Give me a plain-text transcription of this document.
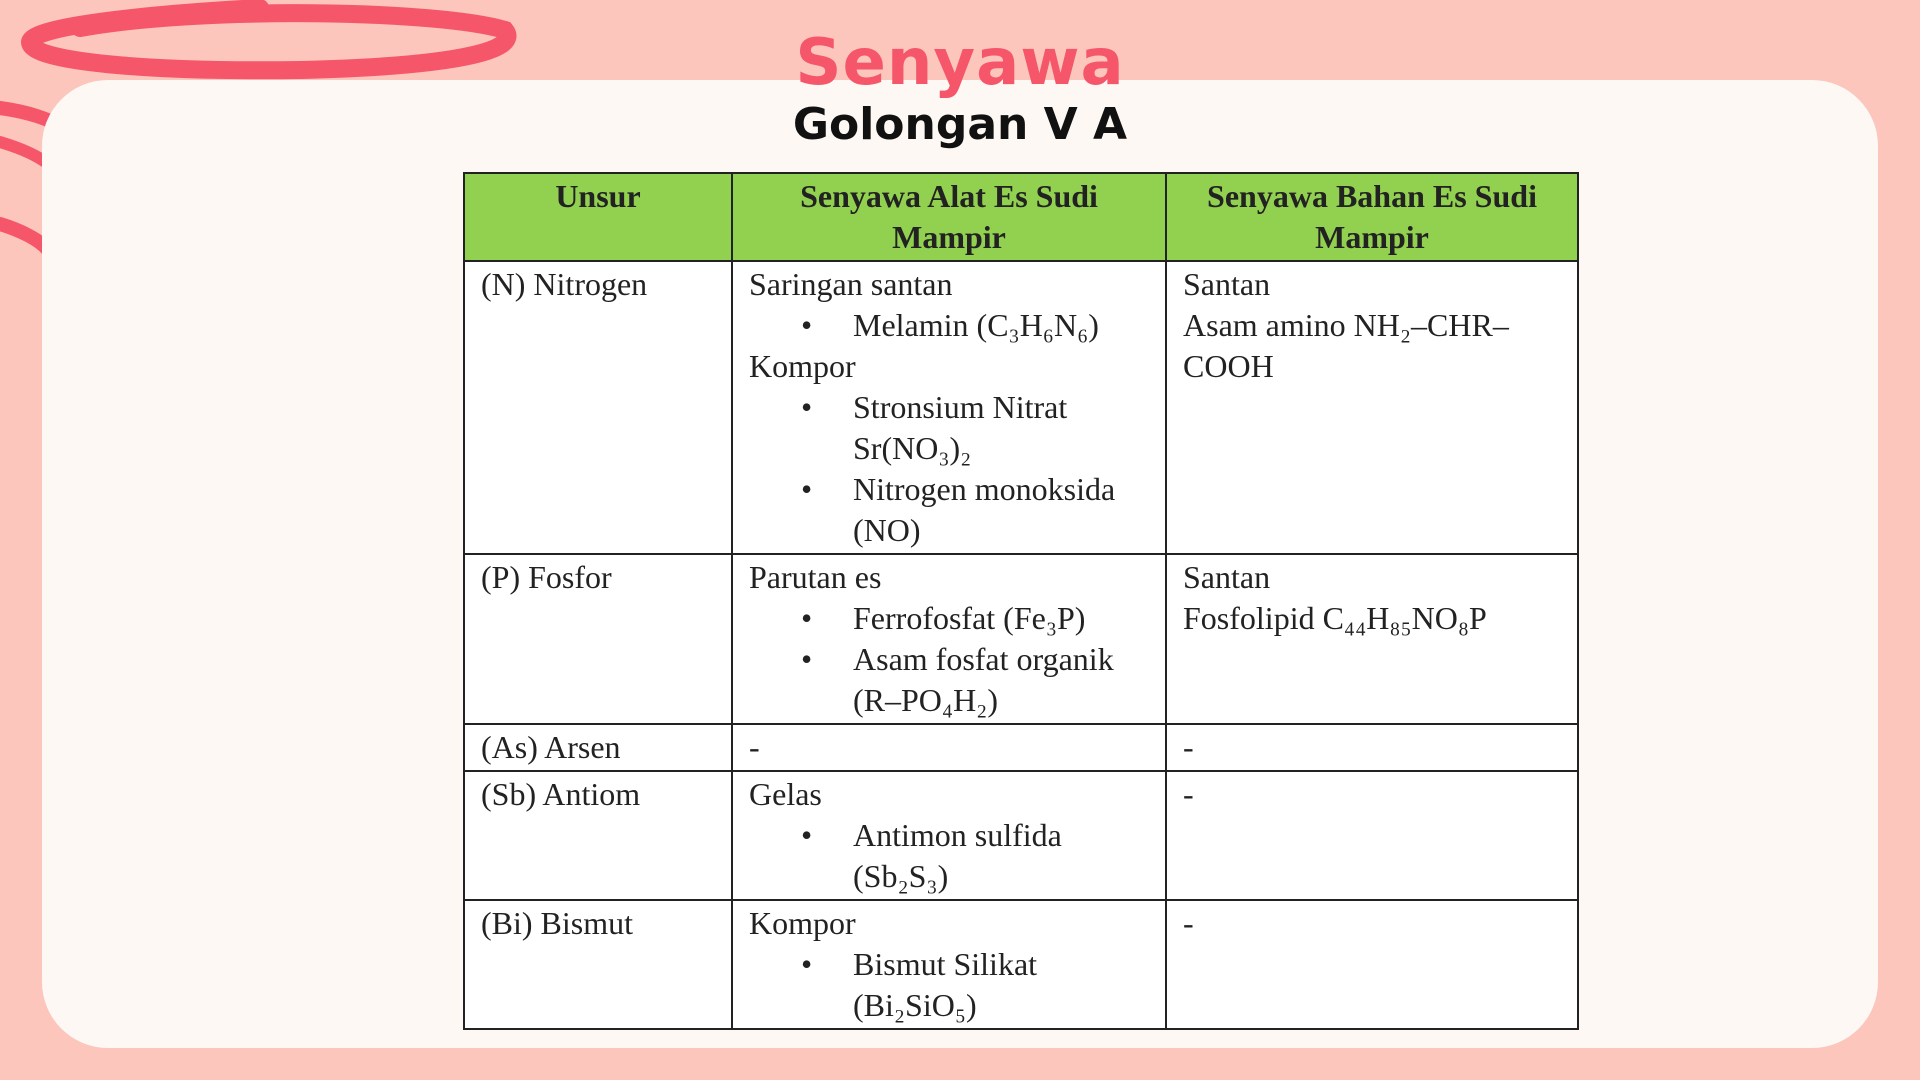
Senyawa
Golongan V A
Unsur	Senyawa Alat Es Sudi Mampir	Senyawa Bahan Es Sudi Mampir
(N) Nitrogen	Saringan santan
• Melamin (C₃H₆N₆)
Kompor
• Stronsium Nitrat Sr(NO₃)₂
• Nitrogen monoksida (NO)	Santan
Asam amino NH₂–CHR–COOH

(P) Fosfor	Parutan es
• Ferrofosfat (Fe₃P)
• Asam fosfat organik (R–PO₄H₂)	Santan
Fosfolipid C₄₄H₈₅NO₈P

(As) Arsen	-	-
(Sb) Antiom	Gelas
• Antimon sulfida (Sb₂S₃)	-
(Bi) Bismut	Kompor
• Bismut Silikat (Bi₂SiO₅)	-
